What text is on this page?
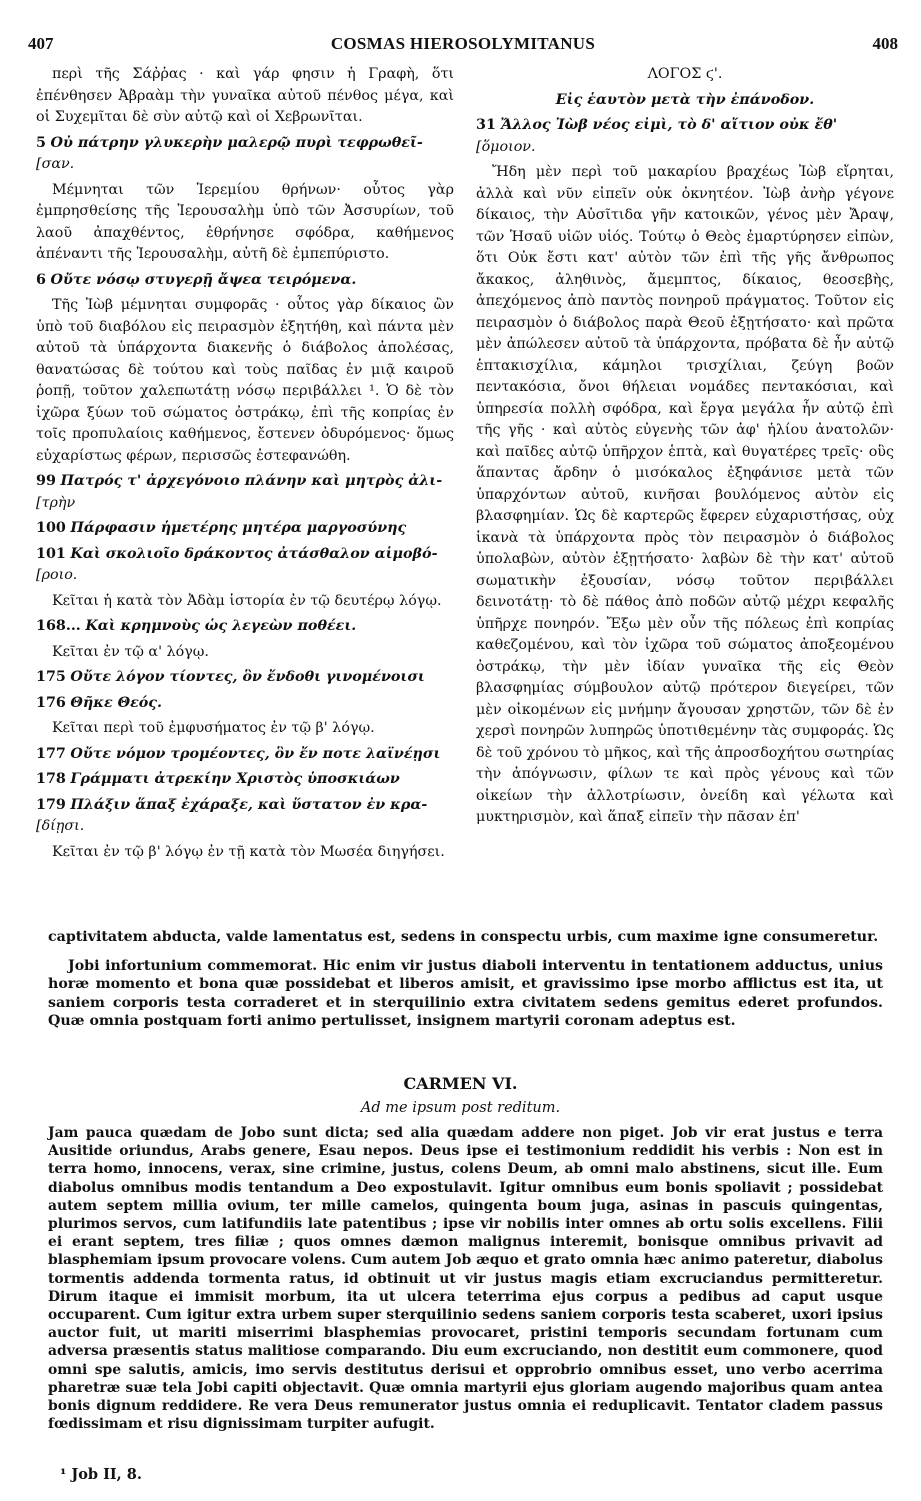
407	COSMAS HIEROSOLYMITANUS	408

περὶ τῆς Σάῤῥας · καὶ γάρ φησιν ἡ Γραφὴ, ὅτι ἐπένθησεν Ἀβραὰμ τὴν γυναῖκα αὐτοῦ πένθος μέγα, καὶ οἱ Συχεμῖται δὲ σὺν αὐτῷ καὶ οἱ Χεβρωνῖται.

5 Οὐ πάτρην γλυκερὴν μαλερῷ πυρὶ τεφρωθεῖ-

[σαν.

Μέμνηται τῶν Ἱερεμίου θρήνων· οὗτος γὰρ ἐμπρησθείσης τῆς Ἱερουσαλὴμ ὑπὸ τῶν Ἀσσυρίων, τοῦ λαοῦ ἀπαχθέντος, ἐθρήνησε σφόδρα, καθήμενος ἀπέναντι τῆς Ἱερουσαλὴμ, αὐτῆ δὲ ἐμπεπύριστο.

6 Οὔτε νόσῳ στυγερῇ ἄψεα τειρόμενα.

Τῆς Ἰὼβ μέμνηται συμφορᾶς · οὗτος γὰρ δίκαιος ὢν ὑπὸ τοῦ διαβόλου εἰς πειρασμὸν ἐξητήθη, καὶ πάντα μὲν αὐτοῦ τὰ ὑπάρχοντα διακενῆς ὁ διάβολος ἀπολέσας, θανατώσας δὲ τούτου καὶ τοὺς παῖδας ἐν μιᾷ καιροῦ ῥοπῇ, τοῦτον χαλεπωτάτῃ νόσῳ περιβάλλει ¹. Ὁ δὲ τὸν ἰχῶρα ξύων τοῦ σώματος ὀστράκῳ, ἐπὶ τῆς κοπρίας ἐν τοῖς προπυλαίοις καθήμενος, ἔστενεν ὀδυρόμενος· ὅμως εὐχαρίστως φέρων, περισσῶς ἐστεφανώθη.

99 Πατρός τ' ἀρχεγόνοιο πλάνην καὶ μητρὸς ἀλι-

[τρὴν

100 Πάρφασιν ἡμετέρης μητέρα μαργοσύνης

101 Καὶ σκολιοῖο δράκοντος ἀτάσθαλον αἱμοβό-

[ροιο.

Κεῖται ἡ κατὰ τὸν Ἀδὰμ ἱστορία ἐν τῷ δευτέρῳ λόγῳ.

168... Καὶ κρημνοὺς ὡς λεγεὼν ποθέει.

Κεῖται ἐν τῷ α' λόγῳ.

175 Οὔτε λόγον τίοντες, ὃν ἔνδοθι γινομένοισι

176 Θῆκε Θεός.

Κεῖται περὶ τοῦ ἐμφυσήματος ἐν τῷ β' λόγῳ.

177 Οὔτε νόμον τρομέοντες, ὃν ἔν ποτε λαϊνέῃσι

178 Γράμματι ἀτρεκίην Χριστὸς ὑποσκιάων

179 Πλάξιν ἅπαξ ἐχάραξε, καὶ ὕστατον ἐν κρα-

[δίῃσι.

Κεῖται ἐν τῷ β' λόγῳ ἐν τῇ κατὰ τὸν Μωσέα διηγήσει.

ΛΟΓΟΣ ϛ'.

Εἰς ἑαυτὸν μετὰ τὴν ἐπάνοδον.

31 Ἄλλος Ἰὼβ νέος εἰμὶ, τὸ δ' αἴτιον οὐκ ἔθ'

[ὅμοιον.

Ἤδη μὲν περὶ τοῦ μακαρίου βραχέως Ἰὼβ εἴρηται, ἀλλὰ καὶ νῦν εἰπεῖν οὐκ ὀκνητέον. Ἰὼβ ἀνὴρ γέγονε δίκαιος, τὴν Αὐσῖτιδα γῆν κατοικῶν, γένος μὲν Ἄραψ, τῶν Ἡσαῦ υἱῶν υἱός. Τούτῳ ὁ Θεὸς ἐμαρτύρησεν εἰπὼν, ὅτι Οὐκ ἔστι κατ' αὐτὸν τῶν ἐπὶ τῆς γῆς ἄνθρωπος ἄκακος, ἀληθινὸς, ἄμεμπτος, δίκαιος, θεοσεβὴς, ἀπεχόμενος ἀπὸ παντὸς πονηροῦ πράγματος. Τοῦτον εἰς πειρασμὸν ὁ διάβολος παρὰ Θεοῦ ἐξῃτήσατο· καὶ πρῶτα μὲν ἀπώλεσεν αὐτοῦ τὰ ὑπάρχοντα, πρόβατα δὲ ἦν αὐτῷ ἑπτακισχίλια, κάμηλοι τρισχίλιαι, ζεύγη βοῶν πεντακόσια, ὄνοι θήλειαι νομάδες πεντακόσιαι, καὶ ὑπηρεσία πολλὴ σφόδρα, καὶ ἔργα μεγάλα ἦν αὐτῷ ἐπὶ τῆς γῆς · καὶ αὐτὸς εὐγενὴς τῶν ἀφ' ἡλίου ἀνατολῶν· καὶ παῖδες αὐτῷ ὑπῆρχον ἑπτὰ, καὶ θυγατέρες τρεῖς· οὓς ἅπαντας ἄρδην ὁ μισόκαλος ἐξηφάνισε μετὰ τῶν ὑπαρχόντων αὐτοῦ, κινῆσαι βουλόμενος αὐτὸν εἰς βλασφημίαν. Ὡς δὲ καρτερῶς ἔφερεν εὐχαριστήσας, οὐχ ἱκανὰ τὰ ὑπάρχοντα πρὸς τὸν πειρασμὸν ὁ διάβολος ὑπολαβὼν, αὐτὸν ἐξῃτήσατο· λαβὼν δὲ τὴν κατ' αὐτοῦ σωματικὴν ἐξουσίαν, νόσῳ τοῦτον περιβάλλει δεινοτάτῃ· τὸ δὲ πάθος ἀπὸ ποδῶν αὐτῷ μέχρι κεφαλῆς ὑπῆρχε πονηρόν. Ἔξω μὲν οὖν τῆς πόλεως ἐπὶ κοπρίας καθεζομένου, καὶ τὸν ἰχῶρα τοῦ σώματος ἀποξεομένου ὀστράκῳ, τὴν μὲν ἰδίαν γυναῖκα τῆς εἰς Θεὸν βλασφημίας σύμβουλον αὐτῷ πρότερον διεγείρει, τῶν μὲν οἰκομένων εἰς μνήμην ἄγουσαν χρηστῶν, τῶν δὲ ἐν χερσὶ πονηρῶν λυπηρῶς ὑποτιθεμένην τὰς συμφοράς. Ὡς δὲ τοῦ χρόνου τὸ μῆκος, καὶ τῆς ἀπροσδοχήτου σωτηρίας τὴν ἀπόγνωσιν, φίλων τε καὶ πρὸς γένους καὶ τῶν οἰκείων τὴν ἀλλοτρίωσιν, ὀνείδη καὶ γέλωτα καὶ μυκτηρισμὸν, καὶ ἅπαξ εἰπεῖν τὴν πᾶσαν ἐπ'

captivitatem abducta, valde lamentatus est, sedens in conspectu urbis, cum maxime igne consumeretur.

Jobi infortunium commemorat. Hic enim vir justus diaboli interventu in tentationem adductus, unius horæ momento et bona quæ possidebat et liberos amisit, et gravissimo ipse morbo afflictus est ita, ut saniem corporis testa corraderet et in sterquilinio extra civitatem sedens gemitus ederet profundos. Quæ omnia postquam forti animo pertulisset, insignem martyrii coronam adeptus est.

CARMEN VI.
Ad me ipsum post reditum.

Jam pauca quædam de Jobo sunt dicta; sed alia quædam addere non piget. Job vir erat justus e terra Ausitide oriundus, Arabs genere, Esau nepos. Deus ipse ei testimonium reddidit his verbis : Non est in terra homo, innocens, verax, sine crimine, justus, colens Deum, ab omni malo abstinens, sicut ille. Eum diabolus omnibus modis tentandum a Deo expostulavit. Igitur omnibus eum bonis spoliavit ; possidebat autem septem millia ovium, ter mille camelos, quingenta boum juga, asinas in pascuis quingentas, plurimos servos, cum latifundiis late patentibus ; ipse vir nobilis inter omnes ab ortu solis excellens. Filii ei erant septem, tres filiæ ; quos omnes dæmon malignus interemit, bonisque omnibus privavit ad blasphemiam ipsum provocare volens. Cum autem Job æquo et grato omnia hæc animo pateretur, diabolus tormentis addenda tormenta ratus, id obtinuit ut vir justus magis etiam excruciandus permitteretur. Dirum itaque ei immisit morbum, ita ut ulcera teterrima ejus corpus a pedibus ad caput usque occuparent. Cum igitur extra urbem super sterquilinio sedens saniem corporis testa scaberet, uxori ipsius auctor fuit, ut mariti miserrimi blasphemias provocaret, pristini temporis secundam fortunam cum adversa præsentis status malitiose comparando. Diu eum excruciando, non destitit eum commonere, quod omni spe salutis, amicis, imo servis destitutus derisui et opprobrio omnibus esset, uno verbo acerrima pharetræ suæ tela Jobi capiti objectavit. Quæ omnia martyrii ejus gloriam augendo majoribus quam antea bonis dignum reddidere. Re vera Deus remunerator justus omnia ei reduplicavit. Tentator cladem passus fœdissimam et risu dignissimam turpiter aufugit.

¹ Job II, 8.
